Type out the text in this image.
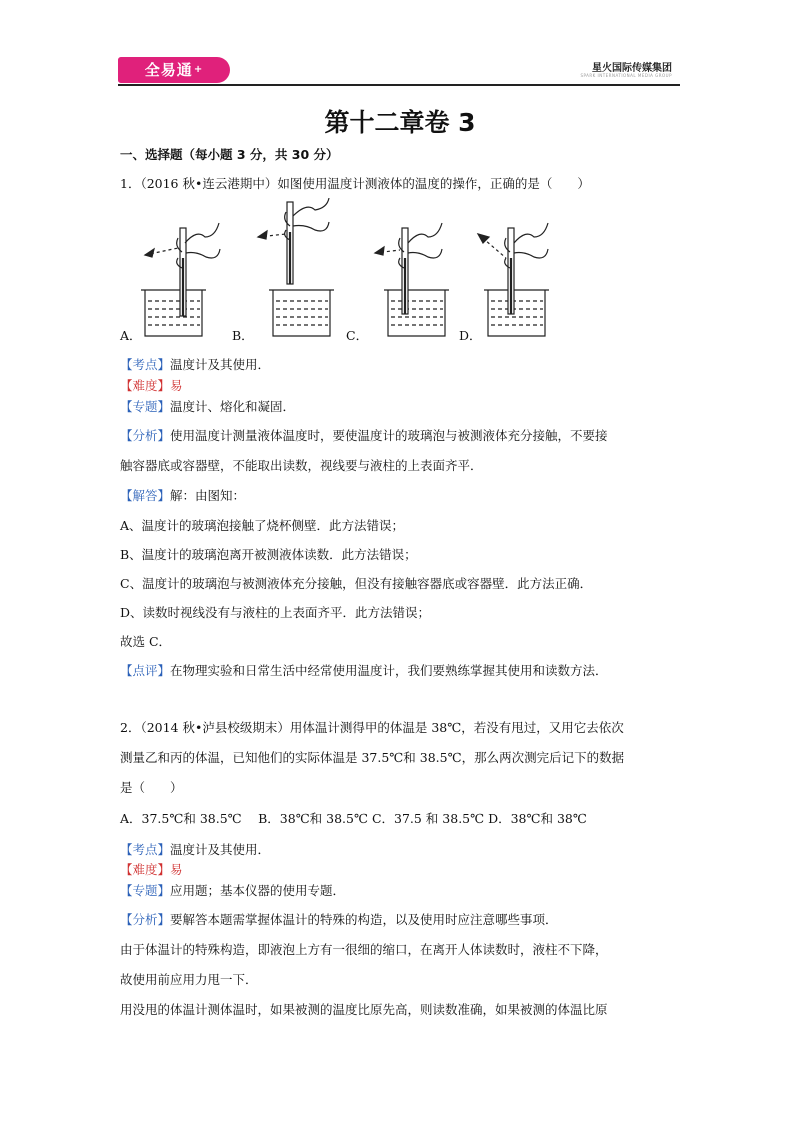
全易通+	星火国际传媒集团
SPARK INTERNATIONAL MEDIA GROUP
第十二章卷 3
一、选择题（每小题 3 分，共 30 分）
1．（2016 秋•连云港期中）如图使用温度计测液体的温度的操作，正确的是（　　）
A．	B．	C．	D．
【考点】温度计及其使用．
【难度】易
【专题】温度计、熔化和凝固．
【分析】使用温度计测量液体温度时，要使温度计的玻璃泡与被测液体充分接触，不要接
触容器底或容器壁，不能取出读数，视线要与液柱的上表面齐平．
【解答】解：由图知：
A、温度计的玻璃泡接触了烧杯侧壁．此方法错误；
B、温度计的玻璃泡离开被测液体读数．此方法错误；
C、温度计的玻璃泡与被测液体充分接触，但没有接触容器底或容器壁．此方法正确．
D、读数时视线没有与液柱的上表面齐平．此方法错误；
故选 C．
【点评】在物理实验和日常生活中经常使用温度计，我们要熟练掌握其使用和读数方法．
2．（2014 秋•泸县校级期末）用体温计测得甲的体温是 38℃，若没有甩过，又用它去依次
测量乙和丙的体温，已知他们的实际体温是 37.5℃和 38.5℃，那么两次测完后记下的数据
是（　　）
A．37.5℃和 38.5℃　 B．38℃和 38.5℃ C．37.5 和 38.5℃ D．38℃和 38℃
【考点】温度计及其使用．
【难度】易
【专题】应用题；基本仪器的使用专题．
【分析】要解答本题需掌握体温计的特殊的构造，以及使用时应注意哪些事项．
由于体温计的特殊构造，即液泡上方有一很细的缩口，在离开人体读数时，液柱不下降，
故使用前应用力甩一下．
用没甩的体温计测体温时，如果被测的温度比原先高，则读数准确，如果被测的体温比原
